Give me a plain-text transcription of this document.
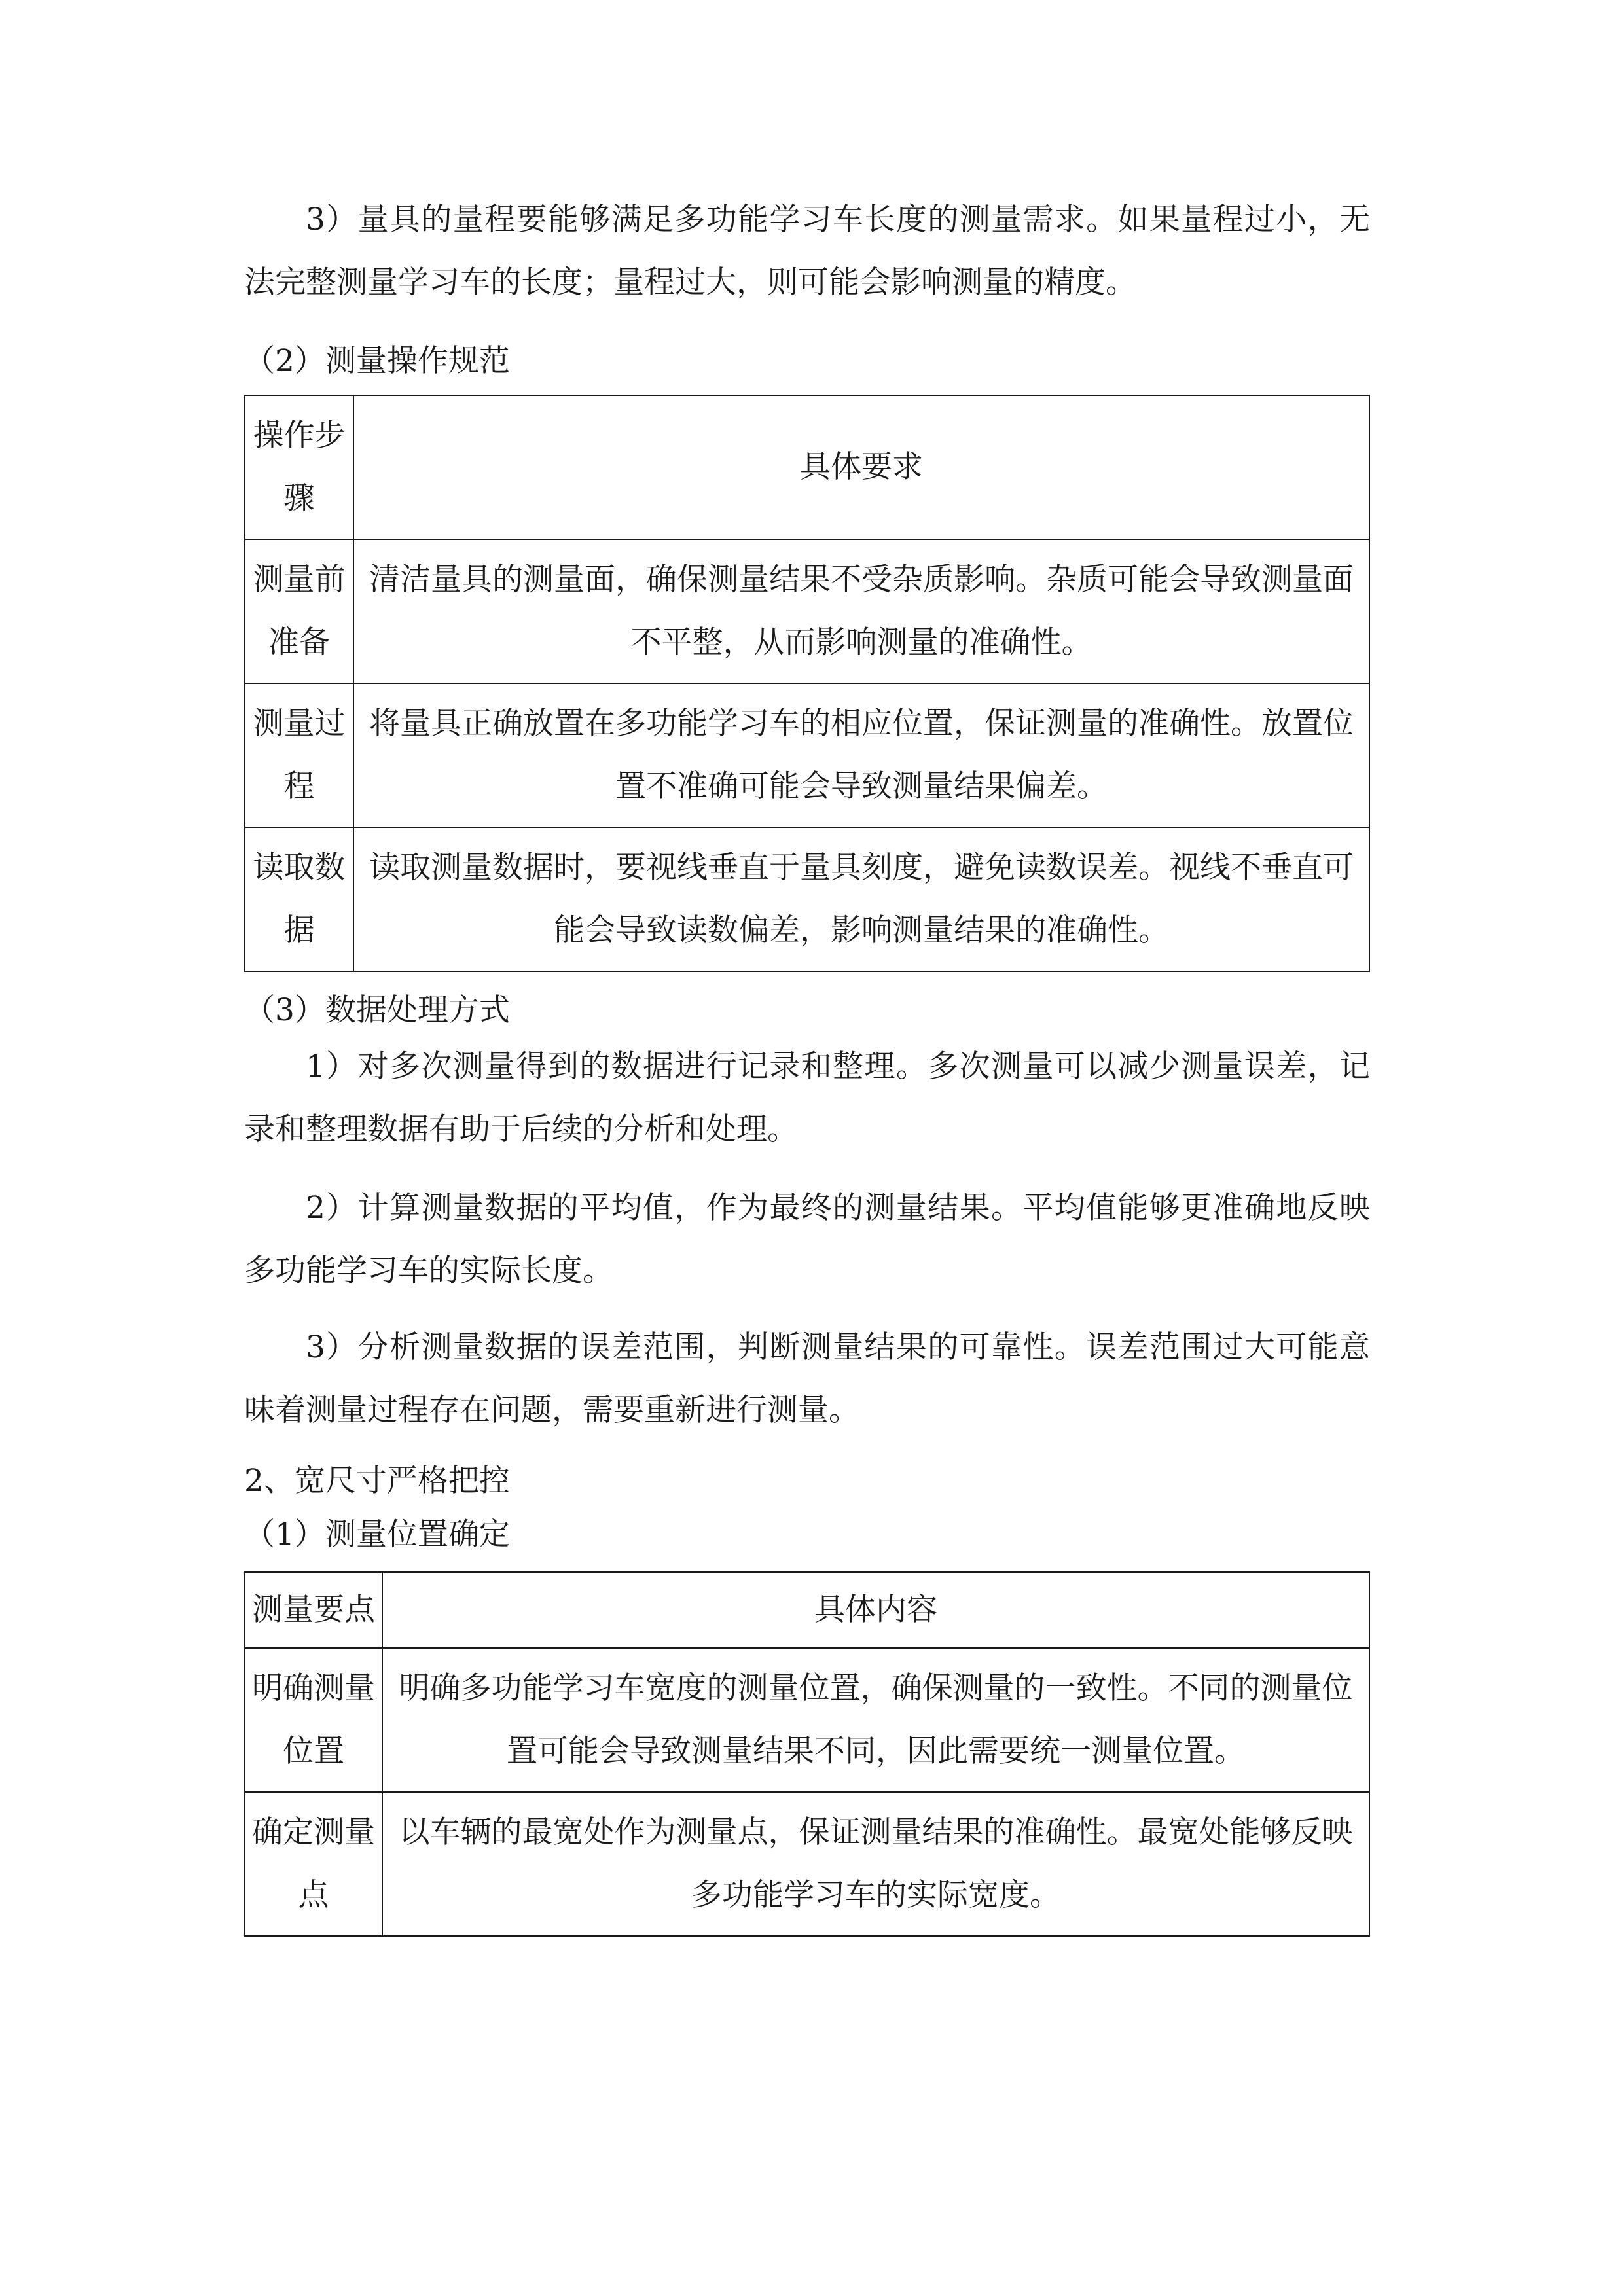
3）量具的量程要能够满足多功能学习车长度的测量需求。如果量程过小，无法完整测量学习车的长度；量程过大，则可能会影响测量的精度。
（2）测量操作规范
操作步骤	具体要求
测量前准备	清洁量具的测量面，确保测量结果不受杂质影响。杂质可能会导致测量面不平整，从而影响测量的准确性。
测量过程	将量具正确放置在多功能学习车的相应位置，保证测量的准确性。放置位置不准确可能会导致测量结果偏差。
读取数据	读取测量数据时，要视线垂直于量具刻度，避免读数误差。视线不垂直可能会导致读数偏差，影响测量结果的准确性。
（3）数据处理方式
1）对多次测量得到的数据进行记录和整理。多次测量可以减少测量误差，记录和整理数据有助于后续的分析和处理。
2）计算测量数据的平均值，作为最终的测量结果。平均值能够更准确地反映多功能学习车的实际长度。
3）分析测量数据的误差范围，判断测量结果的可靠性。误差范围过大可能意味着测量过程存在问题，需要重新进行测量。
2、宽尺寸严格把控
（1）测量位置确定
测量要点	具体内容
明确测量位置	明确多功能学习车宽度的测量位置，确保测量的一致性。不同的测量位置可能会导致测量结果不同，因此需要统一测量位置。
确定测量点	以车辆的最宽处作为测量点，保证测量结果的准确性。最宽处能够反映多功能学习车的实际宽度。
